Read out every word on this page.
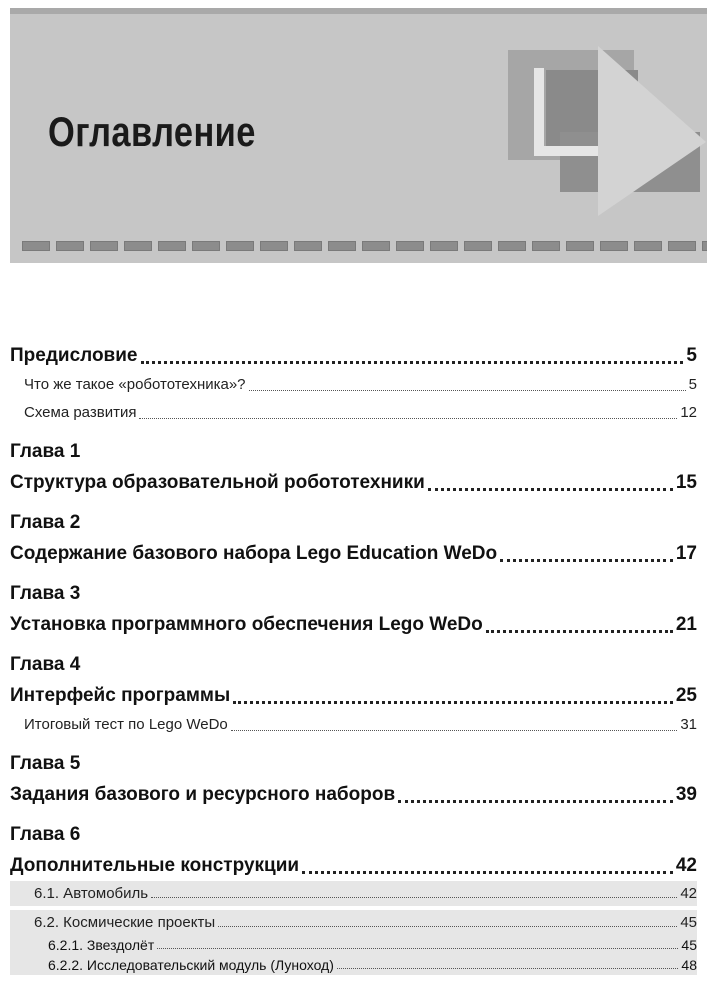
Оглавление
Предисловие	5
Что же такое «робототехника»?	5
Схема развития	12
Глава 1
Структура образовательной робототехники	15
Глава 2
Содержание базового набора Lego Education WeDo	17
Глава 3
Установка программного обеспечения Lego WeDo	21
Глава 4
Интерфейс программы	25
Итоговый тест по Lego WeDo	31
Глава 5
Задания базового и ресурсного наборов	39
Глава 6
Дополнительные конструкции	42
6.1. Автомобиль	42
6.2. Космические проекты	45
6.2.1. Звездолёт	45
6.2.2. Исследовательский модуль (Луноход)	48
